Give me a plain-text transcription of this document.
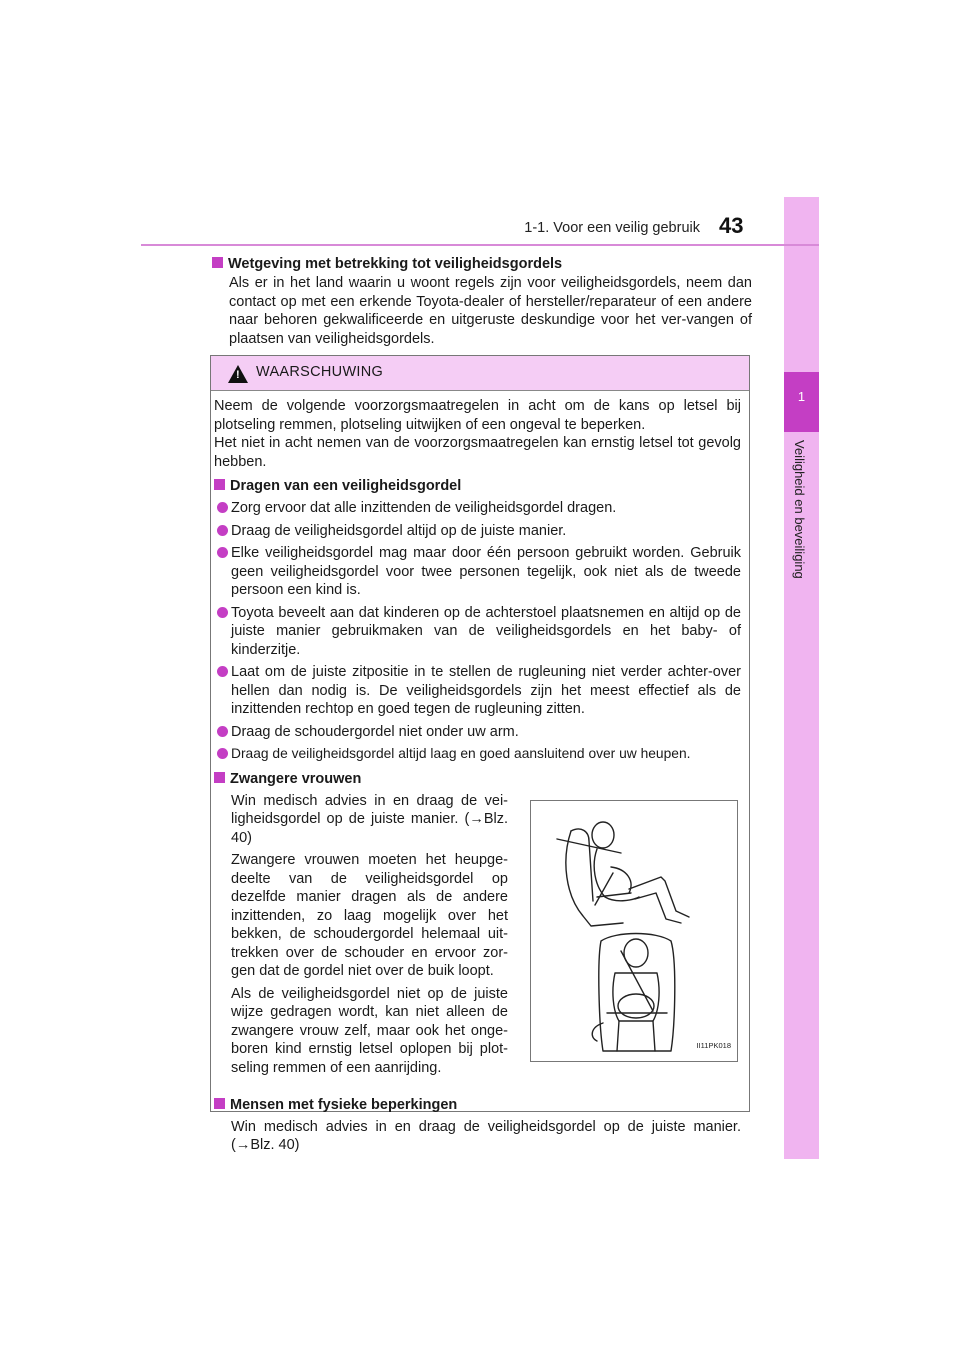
1
Veiligheid en beveiliging
1-1. Voor een veilig gebruik 43
Wetgeving met betrekking tot veiligheidsgordels
Als er in het land waarin u woont regels zijn voor veiligheidsgordels, neem dan contact op met een erkende Toyota-dealer of hersteller/reparateur of een andere naar behoren gekwalificeerde en uitgeruste deskundige voor het ver-vangen of plaatsen van veiligheidsgordels.
! WAARSCHUWING
Neem de volgende voorzorgsmaatregelen in acht om de kans op letsel bij plotseling remmen, plotseling uitwijken of een ongeval te beperken.
Het niet in acht nemen van de voorzorgsmaatregelen kan ernstig letsel tot gevolg hebben.
Dragen van een veiligheidsgordel
Zorg ervoor dat alle inzittenden de veiligheidsgordel dragen.
Draag de veiligheidsgordel altijd op de juiste manier.
Elke veiligheidsgordel mag maar door één persoon gebruikt worden. Gebruik geen veiligheidsgordel voor twee personen tegelijk, ook niet als de tweede persoon een kind is.
Toyota beveelt aan dat kinderen op de achterstoel plaatsnemen en altijd op de juiste manier gebruikmaken van de veiligheidsgordels en het baby- of kinderzitje.
Laat om de juiste zitpositie in te stellen de rugleuning niet verder achter-over hellen dan nodig is. De veiligheidsgordels zijn het meest effectief als de inzittenden rechtop en goed tegen de rugleuning zitten.
Draag de schoudergordel niet onder uw arm.
Draag de veiligheidsgordel altijd laag en goed aansluitend over uw heupen.
Zwangere vrouwen

Win medisch advies in en draag de vei-ligheidsgordel op de juiste manier. (→Blz. 40)

Zwangere vrouwen moeten het heupge-deelte van de veiligheidsgordel op dezelfde manier dragen als de andere inzittenden, zo laag mogelijk over het bekken, de schoudergordel helemaal uit-trekken over de schouder en ervoor zor-gen dat de gordel niet over de buik loopt.

Als de veiligheidsgordel niet op de juiste wijze gedragen wordt, kan niet alleen de zwangere vrouw zelf, maar ook het onge-boren kind ernstig letsel oplopen bij plot-seling remmen of een aanrijding.

II11PK018
Mensen met fysieke beperkingen
Win medisch advies in en draag de veiligheidsgordel op de juiste manier. (→Blz. 40)
